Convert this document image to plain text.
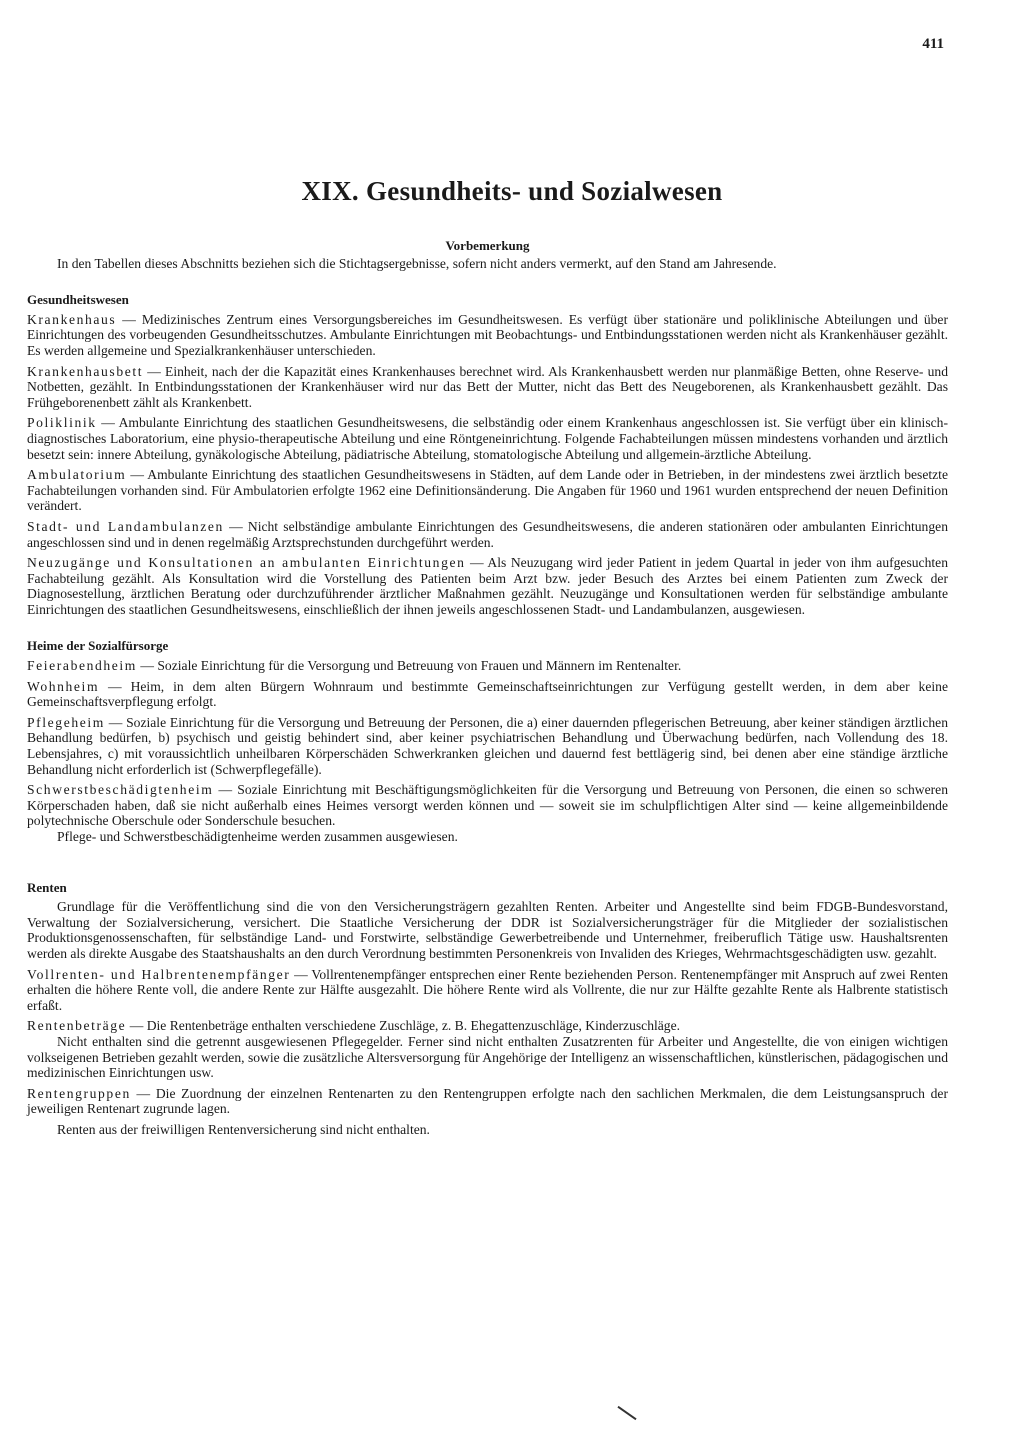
411
XIX. Gesundheits- und Sozialwesen
Vorbemerkung

In den Tabellen dieses Abschnitts beziehen sich die Stichtagsergebnisse, sofern nicht anders vermerkt, auf den Stand am Jahresende.

Gesundheitswesen

Krankenhaus — Medizinisches Zentrum eines Versorgungsbereiches im Gesundheitswesen. Es verfügt über stationäre und poliklinische Abteilungen und über Einrichtungen des vorbeugenden Gesundheitsschutzes. Ambulante Einrichtungen mit Beobachtungs- und Entbindungsstationen werden nicht als Krankenhäuser gezählt. Es werden allgemeine und Spezialkrankenhäuser unterschieden.

Krankenhausbett — Einheit, nach der die Kapazität eines Krankenhauses berechnet wird. Als Krankenhausbett werden nur planmäßige Betten, ohne Reserve- und Notbetten, gezählt. In Entbindungsstationen der Krankenhäuser wird nur das Bett der Mutter, nicht das Bett des Neugeborenen, als Krankenhausbett gezählt. Das Frühgeborenenbett zählt als Krankenbett.

Poliklinik — Ambulante Einrichtung des staatlichen Gesundheitswesens, die selbständig oder einem Krankenhaus angeschlossen ist. Sie verfügt über ein klinisch-diagnostisches Laboratorium, eine physio-therapeutische Abteilung und eine Röntgeneinrichtung. Folgende Fachabteilungen müssen mindestens vorhanden und ärztlich besetzt sein: innere Abteilung, gynäkologische Abteilung, pädiatrische Abteilung, stomatologische Abteilung und allgemein-ärztliche Abteilung.

Ambulatorium — Ambulante Einrichtung des staatlichen Gesundheitswesens in Städten, auf dem Lande oder in Betrieben, in der mindestens zwei ärztlich besetzte Fachabteilungen vorhanden sind. Für Ambulatorien erfolgte 1962 eine Definitionsänderung. Die Angaben für 1960 und 1961 wurden entsprechend der neuen Definition verändert.

Stadt- und Landambulanzen — Nicht selbständige ambulante Einrichtungen des Gesundheitswesens, die anderen stationären oder ambulanten Einrichtungen angeschlossen sind und in denen regelmäßig Arztsprechstunden durchgeführt werden.

Neuzugänge und Konsultationen an ambulanten Einrichtungen — Als Neuzugang wird jeder Patient in jedem Quartal in jeder von ihm aufgesuchten Fachabteilung gezählt. Als Konsultation wird die Vorstellung des Patienten beim Arzt bzw. jeder Besuch des Arztes bei einem Patienten zum Zweck der Diagnosestellung, ärztlichen Beratung oder durchzuführender ärztlicher Maßnahmen gezählt. Neuzugänge und Konsultationen werden für selbständige ambulante Einrichtungen des staatlichen Gesundheitswesens, einschließlich der ihnen jeweils angeschlossenen Stadt- und Landambulanzen, ausgewiesen.

Heime der Sozialfürsorge

Feierabendheim — Soziale Einrichtung für die Versorgung und Betreuung von Frauen und Männern im Rentenalter.

Wohnheim — Heim, in dem alten Bürgern Wohnraum und bestimmte Gemeinschaftseinrichtungen zur Verfügung gestellt werden, in dem aber keine Gemeinschaftsverpflegung erfolgt.

Pflegeheim — Soziale Einrichtung für die Versorgung und Betreuung der Personen, die a) einer dauernden pflegerischen Betreuung, aber keiner ständigen ärztlichen Behandlung bedürfen, b) psychisch und geistig behindert sind, aber keiner psychiatrischen Behandlung und Überwachung bedürfen, nach Vollendung des 18. Lebensjahres, c) mit voraussichtlich unheilbaren Körperschäden Schwerkranken gleichen und dauernd fest bettlägerig sind, bei denen aber eine ständige ärztliche Behandlung nicht erforderlich ist (Schwerpflegefälle).

Schwerstbeschädigtenheim — Soziale Einrichtung mit Beschäftigungsmöglichkeiten für die Versorgung und Betreuung von Personen, die einen so schweren Körperschaden haben, daß sie nicht außerhalb eines Heimes versorgt werden können und — soweit sie im schulpflichtigen Alter sind — keine allgemeinbildende polytechnische Oberschule oder Sonderschule besuchen.

Pflege- und Schwerstbeschädigtenheime werden zusammen ausgewiesen.

Renten

Grundlage für die Veröffentlichung sind die von den Versicherungsträgern gezahlten Renten. Arbeiter und Angestellte sind beim FDGB-Bundesvorstand, Verwaltung der Sozialversicherung, versichert. Die Staatliche Versicherung der DDR ist Sozialversicherungsträger für die Mitglieder der sozialistischen Produktionsgenossenschaften, für selbständige Land- und Forstwirte, selbständige Gewerbetreibende und Unternehmer, freiberuflich Tätige usw. Haushaltsrenten werden als direkte Ausgabe des Staatshaushalts an den durch Verordnung bestimmten Personenkreis von Invaliden des Krieges, Wehrmachtsgeschädigten usw. gezahlt.

Vollrenten- und Halbrentenempfänger — Vollrentenempfänger entsprechen einer Rente beziehenden Person. Rentenempfänger mit Anspruch auf zwei Renten erhalten die höhere Rente voll, die andere Rente zur Hälfte ausgezahlt. Die höhere Rente wird als Vollrente, die nur zur Hälfte gezahlte Rente als Halbrente statistisch erfaßt.

Rentenbeträge — Die Rentenbeträge enthalten verschiedene Zuschläge, z. B. Ehegattenzuschläge, Kinderzuschläge.

Nicht enthalten sind die getrennt ausgewiesenen Pflegegelder. Ferner sind nicht enthalten Zusatzrenten für Arbeiter und Angestellte, die von einigen wichtigen volkseigenen Betrieben gezahlt werden, sowie die zusätzliche Altersversorgung für Angehörige der Intelligenz an wissenschaftlichen, künstlerischen, pädagogischen und medizinischen Einrichtungen usw.

Rentengruppen — Die Zuordnung der einzelnen Rentenarten zu den Rentengruppen erfolgte nach den sachlichen Merkmalen, die dem Leistungsanspruch der jeweiligen Rentenart zugrunde lagen.

Renten aus der freiwilligen Rentenversicherung sind nicht enthalten.
